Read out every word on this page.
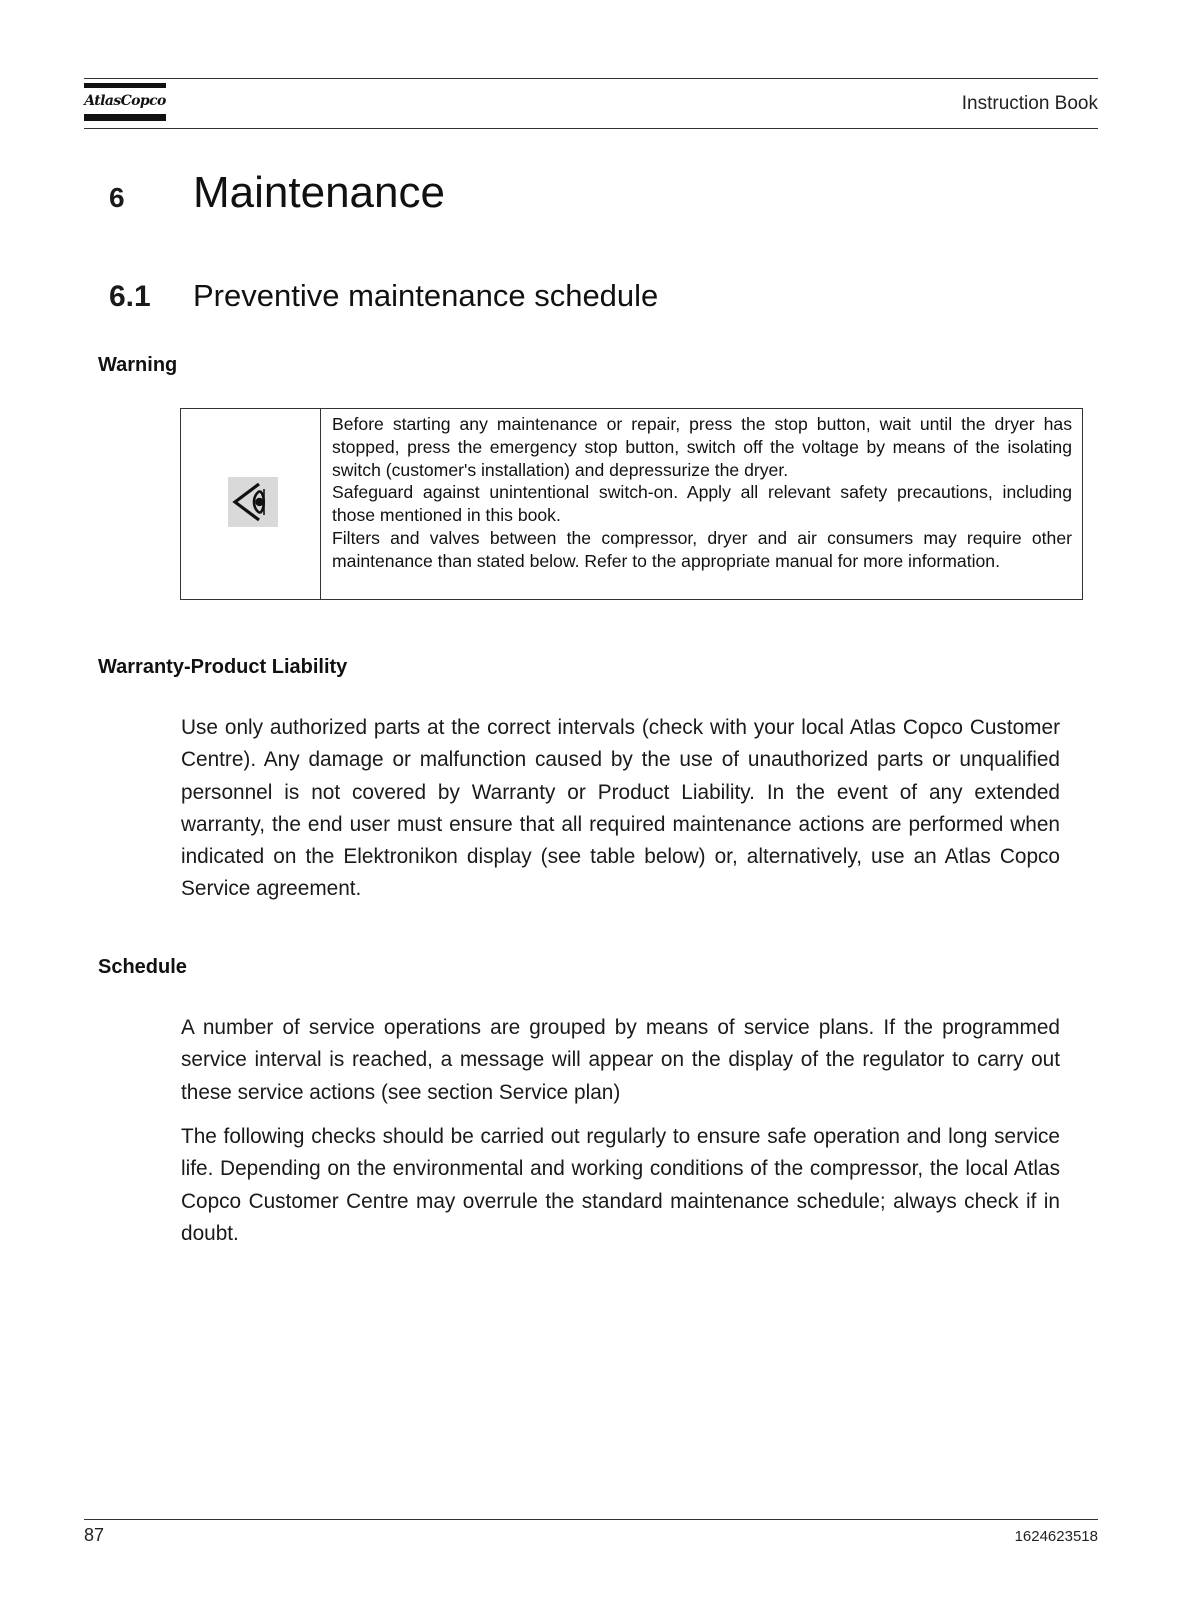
AtlasCopco	Instruction Book
6 Maintenance
6.1 Preventive maintenance schedule
Warning

Before starting any maintenance or repair, press the stop button, wait until the dryer has stopped, press the emergency stop button, switch off the voltage by means of the isolating switch (customer's installation) and depressurize the dryer.

Safeguard against unintentional switch-on. Apply all relevant safety precautions, including those mentioned in this book.

Filters and valves between the compressor, dryer and air consumers may require other maintenance than stated below. Refer to the appropriate manual for more information.

Warranty-Product Liability

Use only authorized parts at the correct intervals (check with your local Atlas Copco Customer Centre). Any damage or malfunction caused by the use of unauthorized parts or unqualified personnel is not covered by Warranty or Product Liability. In the event of any extended warranty, the end user must ensure that all required maintenance actions are performed when indicated on the Elektronikon display (see table below) or, alternatively, use an Atlas Copco Service agreement.

Schedule

A number of service operations are grouped by means of service plans. If the programmed service interval is reached, a message will appear on the display of the regulator to carry out these service actions (see section Service plan)

The following checks should be carried out regularly to ensure safe operation and long service life. Depending on the environmental and working conditions of the compressor, the local Atlas Copco Customer Centre may overrule the standard maintenance schedule; always check if in doubt.

87	1624623518
